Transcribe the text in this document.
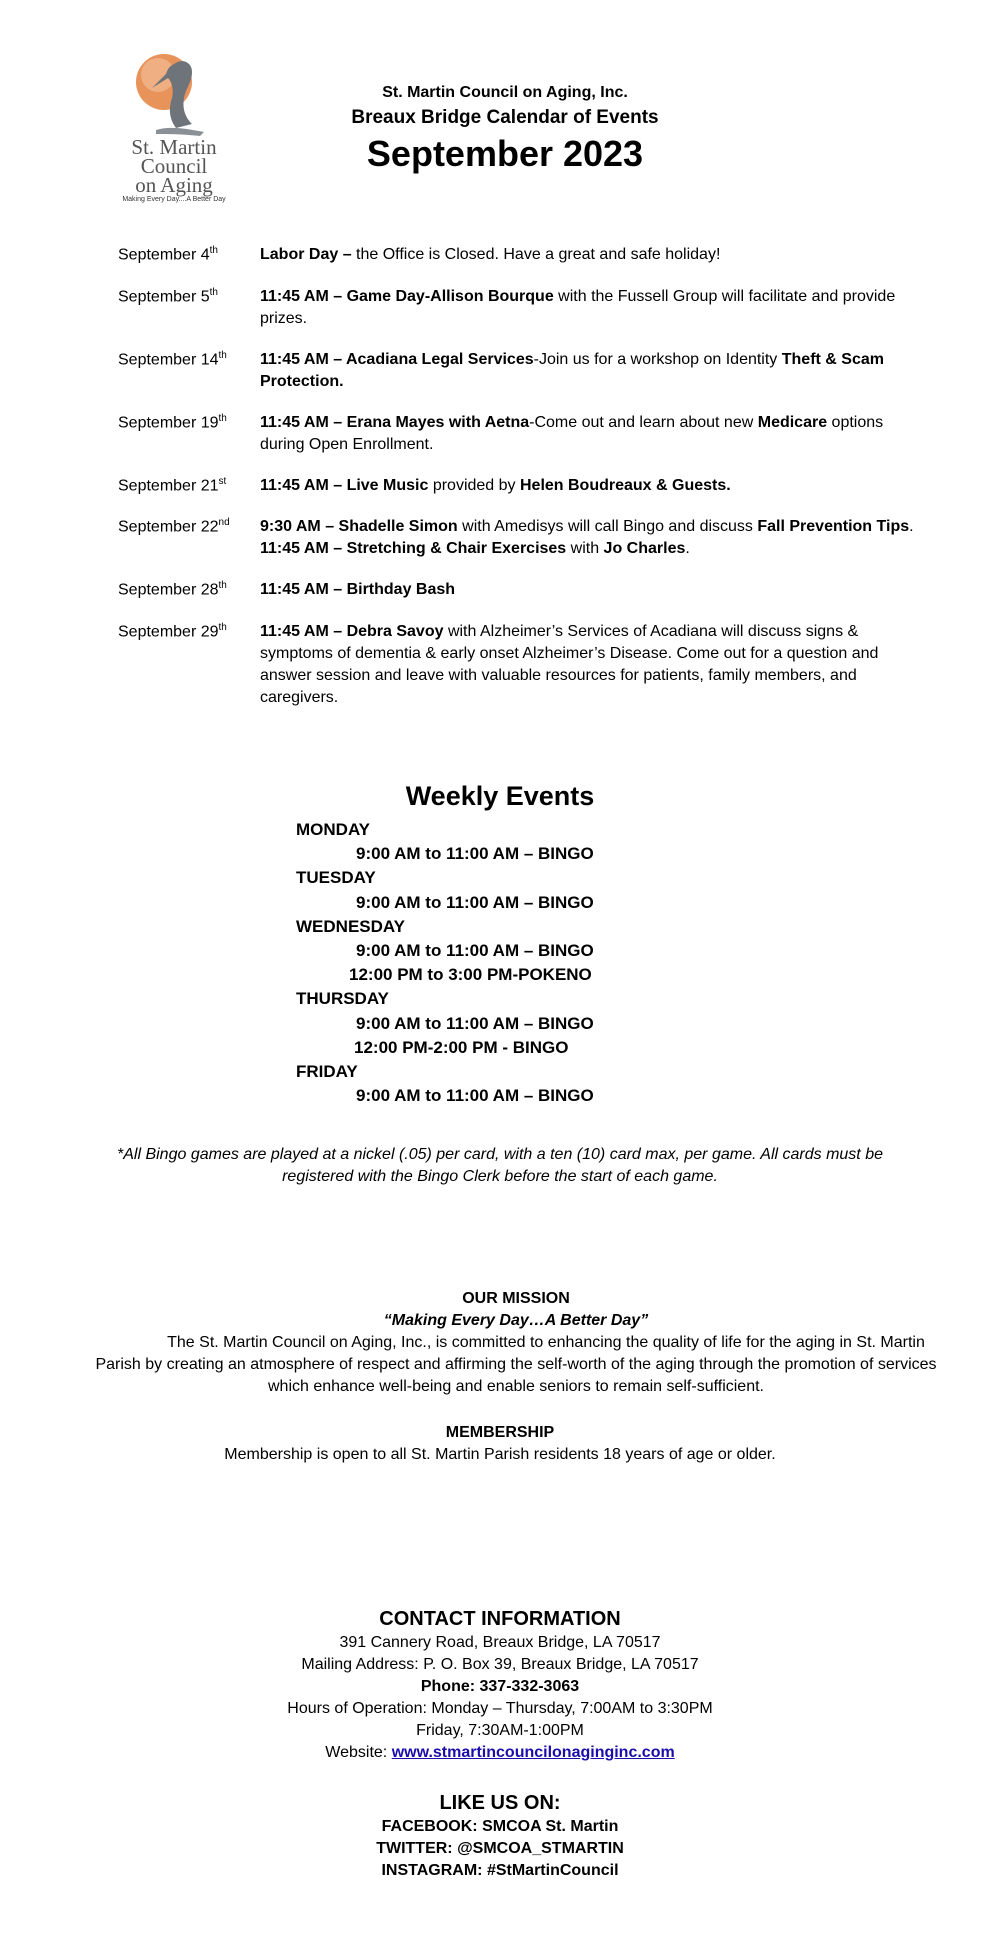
St. Martin
Council
on Aging
Making Every Day....A Better Day
St. Martin Council on Aging, Inc.
Breaux Bridge Calendar of Events
September 2023
September 4th	Labor Day – the Office is Closed. Have a great and safe holiday!
September 5th	11:45 AM – Game Day-Allison Bourque with the Fussell Group will facilitate and provide prizes.
September 14th	11:45 AM – Acadiana Legal Services-Join us for a workshop on Identity Theft & Scam Protection.
September 19th	11:45 AM – Erana Mayes with Aetna-Come out and learn about new Medicare options during Open Enrollment.
September 21st	11:45 AM – Live Music provided by Helen Boudreaux & Guests.
September 22nd	9:30 AM – Shadelle Simon with Amedisys will call Bingo and discuss Fall Prevention Tips.
11:45 AM – Stretching & Chair Exercises with Jo Charles.
September 28th	11:45 AM – Birthday Bash
September 29th	11:45 AM – Debra Savoy with Alzheimer’s Services of Acadiana will discuss signs & symptoms of dementia & early onset Alzheimer’s Disease. Come out for a question and answer session and leave with valuable resources for patients, family members, and caregivers.
Weekly Events
MONDAY
9:00 AM to 11:00 AM – BINGO
TUESDAY
9:00 AM to 11:00 AM – BINGO
WEDNESDAY
9:00 AM to 11:00 AM – BINGO
12:00 PM to 3:00 PM-POKENO
THURSDAY
9:00 AM to 11:00 AM – BINGO
12:00 PM-2:00 PM - BINGO
FRIDAY
9:00 AM to 11:00 AM – BINGO
*All Bingo games are played at a nickel (.05) per card, with a ten (10) card max, per game. All cards must be registered with the Bingo Clerk before the start of each game.
OUR MISSION
“Making Every Day…A Better Day”
The St. Martin Council on Aging, Inc., is committed to enhancing the quality of life for the aging in St. Martin Parish by creating an atmosphere of respect and affirming the self-worth of the aging through the promotion of services which enhance well-being and enable seniors to remain self-sufficient.
MEMBERSHIP
Membership is open to all St. Martin Parish residents 18 years of age or older.
CONTACT INFORMATION
391 Cannery Road, Breaux Bridge, LA 70517
Mailing Address: P. O. Box 39, Breaux Bridge, LA 70517
Phone: 337-332-3063
Hours of Operation: Monday – Thursday, 7:00AM to 3:30PM
Friday, 7:30AM-1:00PM
Website: www.stmartincouncilonaginginc.com
LIKE US ON:
FACEBOOK: SMCOA St. Martin
TWITTER: @SMCOA_STMARTIN
INSTAGRAM: #StMartinCouncil
